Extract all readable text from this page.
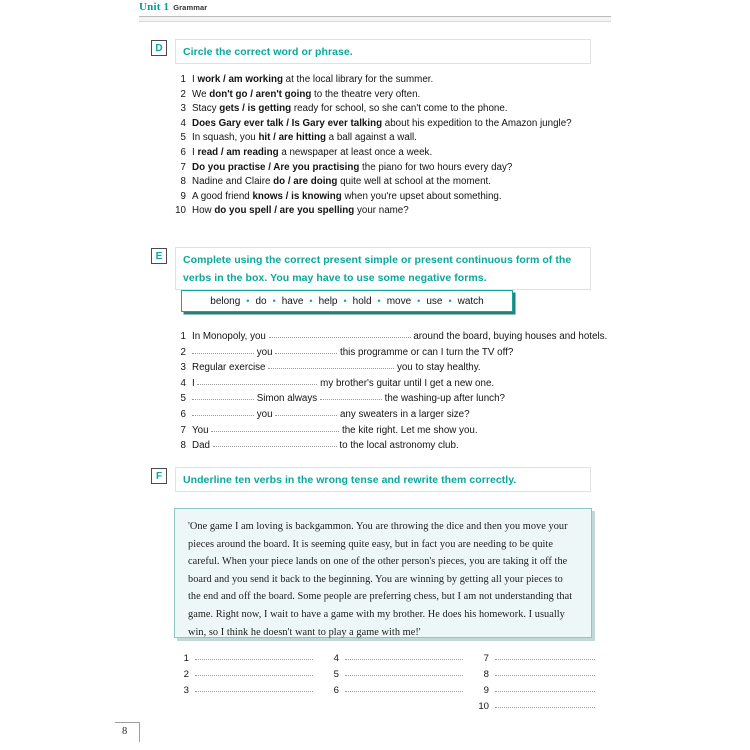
Unit 1 Grammar
D	Circle the correct word or phrase.
1 I work / am working at the local library for the summer.
2 We don't go / aren't going to the theatre very often.
3 Stacy gets / is getting ready for school, so she can't come to the phone.
4 Does Gary ever talk / Is Gary ever talking about his expedition to the Amazon jungle?
5 In squash, you hit / are hitting a ball against a wall.
6 I read / am reading a newspaper at least once a week.
7 Do you practise / Are you practising the piano for two hours every day?
8 Nadine and Claire do / are doing quite well at school at the moment.
9 A good friend knows / is knowing when you're upset about something.
10 How do you spell / are you spelling your name?
E	Complete using the correct present simple or present continuous form of the verbs in the box. You may have to use some negative forms.
belong • do • have • help • hold • move • use • watch
1 In Monopoly, you	around the board, buying houses and hotels.
2	you	this programme or can I turn the TV off?
3 Regular exercise	you to stay healthy.
4 I	my brother's guitar until I get a new one.
5	Simon always	the washing-up after lunch?
6	you	any sweaters in a larger size?
7 You	the kite right. Let me show you.
8 Dad	to the local astronomy club.
F	Underline ten verbs in the wrong tense and rewrite them correctly.

'One game I am loving is backgammon. You are throwing the dice and then you move your pieces around the board. It is seeming quite easy, but in fact you are needing to be quite careful. When your piece lands on one of the other person's pieces, you are taking it off the board and you send it back to the beginning. You are winning by getting all your pieces to the end and off the board. Some people are preferring chess, but I am not understanding that game. Right now, I wait to have a game with my brother. He does his homework. I usually win, so I think he doesn't want to play a game with me!'

1
2
3
4
5
6
7
8
9
10
8
